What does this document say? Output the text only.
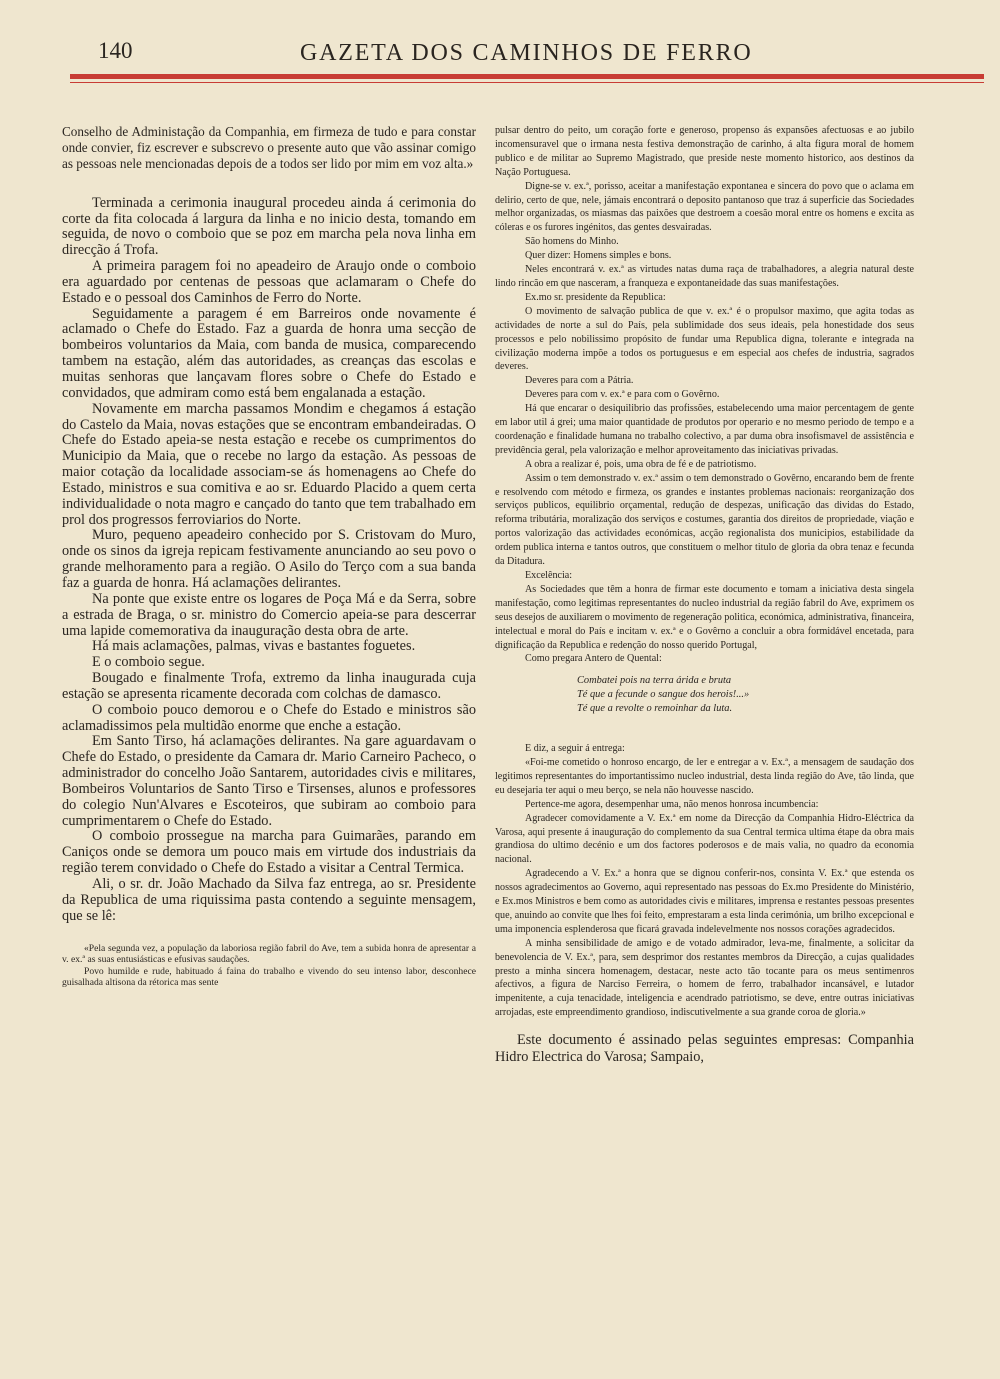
140	GAZETA DOS CAMINHOS DE FERRO

Conselho de Administação da Companhia, em firmeza de tudo e para constar onde convier, fiz escrever e subscrevo o presente auto que vão assinar comigo as pessoas nele mencionadas depois de a todos ser lido por mim em voz alta.»

Terminada a cerimonia inaugural procedeu ainda á cerimonia do corte da fita colocada á largura da linha e no inicio desta, tomando em seguida, de novo o comboio que se poz em marcha pela nova linha em direcção á Trofa.

A primeira paragem foi no apeadeiro de Araujo onde o comboio era aguardado por centenas de pessoas que aclamaram o Chefe do Estado e o pessoal dos Caminhos de Ferro do Norte.

Seguidamente a paragem é em Barreiros onde novamente é aclamado o Chefe do Estado. Faz a guarda de honra uma secção de bombeiros voluntarios da Maia, com banda de musica, comparecendo tambem na estação, além das autoridades, as creanças das escolas e muitas senhoras que lançavam flores sobre o Chefe do Estado e convidados, que admiram como está bem engalanada a estação.

Novamente em marcha passamos Mondim e chegamos á estação do Castelo da Maia, novas estações que se encontram embandeiradas. O Chefe do Estado apeia-se nesta estação e recebe os cumprimentos do Municipio da Maia, que o recebe no largo da estação. As pessoas de maior cotação da localidade associam-se ás homenagens ao Chefe do Estado, ministros e sua comitiva e ao sr. Eduardo Placido a quem certa individualidade o nota magro e cançado do tanto que tem trabalhado em prol dos progressos ferroviarios do Norte.

Muro, pequeno apeadeiro conhecido por S. Cristovam do Muro, onde os sinos da igreja repicam festivamente anunciando ao seu povo o grande melhoramento para a região. O Asilo do Terço com a sua banda faz a guarda de honra. Há aclamações delirantes.

Na ponte que existe entre os logares de Poça Má e da Serra, sobre a estrada de Braga, o sr. ministro do Comercio apeia-se para descerrar uma lapide comemorativa da inauguração desta obra de arte.

Há mais aclamações, palmas, vivas e bastantes foguetes.

E o comboio segue.

Bougado e finalmente Trofa, extremo da linha inaugurada cuja estação se apresenta ricamente decorada com colchas de damasco.

O comboio pouco demorou e o Chefe do Estado e ministros são aclamadissimos pela multidão enorme que enche a estação.

Em Santo Tirso, há aclamações delirantes. Na gare aguardavam o Chefe do Estado, o presidente da Camara dr. Mario Carneiro Pacheco, o administrador do concelho João Santarem, autoridades civis e militares, Bombeiros Voluntarios de Santo Tirso e Tirsenses, alunos e professores do colegio Nun'Alvares e Escoteiros, que subiram ao comboio para cumprimentarem o Chefe do Estado.

O comboio prossegue na marcha para Guimarães, parando em Caniços onde se demora um pouco mais em virtude dos industriais da região terem convidado o Chefe do Estado a visitar a Central Termica.

Ali, o sr. dr. João Machado da Silva faz entrega, ao sr. Presidente da Republica de uma riquissima pasta contendo a seguinte mensagem, que se lê:

«Pela segunda vez, a população da laboriosa região fabril do Ave, tem a subida honra de apresentar a v. ex.ª as suas entusiásticas e efusivas saudações.

Povo humilde e rude, habituado á faina do trabalho e vivendo do seu intenso labor, desconhece guisalhada altisona da rétorica mas sente

pulsar dentro do peito, um coração forte e generoso, propenso ás expansões afectuosas e ao jubilo incomensuravel que o irmana nesta festiva demonstração de carinho, á alta figura moral de homem publico e de militar ao Supremo Magistrado, que preside neste momento historico, aos destinos da Nação Portuguesa.

Digne-se v. ex.ª, porisso, aceitar a manifestação expontanea e sincera do povo que o aclama em delirio, certo de que, nele, jámais encontrará o deposito pantanoso que traz á superficie das Sociedades melhor organizadas, os miasmas das paixões que destroem a coesão moral entre os homens e excita as cóleras e os furores ingénitos, das gentes desvairadas.

São homens do Minho.

Quer dizer: Homens simples e bons.

Neles encontrará v. ex.ª as virtudes natas duma raça de trabalhadores, a alegria natural deste lindo rincão em que nasceram, a franqueza e expontaneidade das suas manifestações.

Ex.mo sr. presidente da Republica:

O movimento de salvação publica de que v. ex.ª é o propulsor maximo, que agita todas as actividades de norte a sul do País, pela sublimidade dos seus ideais, pela honestidade dos seus processos e pelo nobilissimo propósito de fundar uma Republica digna, tolerante e integrada na civilização moderna impõe a todos os portuguesus e em especial aos chefes de industria, sagrados deveres.

Deveres para com a Pátria.

Deveres para com v. ex.ª e para com o Govêrno.

Há que encarar o desiquilibrio das profissões, estabelecendo uma maior percentagem de gente em labor util á grei; uma maior quantidade de produtos por operario e no mesmo periodo de tempo e a coordenação e finalidade humana no trabalho colectivo, a par duma obra insofismavel de assistência e previdência geral, pela valorização e melhor aproveitamento das iniciativas privadas.

A obra a realizar é, pois, uma obra de fé e de patriotismo.

Assim o tem demonstrado v. ex.ª assim o tem demonstrado o Govêrno, encarando bem de frente e resolvendo com método e firmeza, os grandes e instantes problemas nacionais: reorganização dos serviços publicos, equilibrio orçamental, redução de despezas, unificação das dividas do Estado, reforma tributária, moralização dos serviços e costumes, garantia dos direitos de propriedade, viação e portos valorização das actividades económicas, acção regionalista dos municipios, estabilidade da ordem publica interna e tantos outros, que constituem o melhor titulo de gloria da obra tenaz e fecunda da Ditadura.

Excelência:

As Sociedades que têm a honra de firmar este documento e tomam a iniciativa desta singela manifestação, como legitimas representantes do nucleo industrial da região fabril do Ave, exprimem os seus desejos de auxiliarem o movimento de regeneração politica, económica, administrativa, financeira, intelectual e moral do País e incitam v. ex.ª e o Govêrno a concluir a obra formidável encetada, para dignificação da Republica e redenção do nosso querido Portugal,

Como pregara Antero de Quental:

Combatei pois na terra árida e bruta
Té que a fecunde o sangue dos herois!...»
Té que a revolte o remoinhar da luta.

E diz, a seguir á entrega:

«Foi-me cometido o honroso encargo, de ler e entregar a v. Ex.ª, a mensagem de saudação dos legitimos representantes do importantissimo nucleo industrial, desta linda região do Ave, tão linda, que eu desejaria ter aqui o meu berço, se nela não houvesse nascido.

Pertence-me agora, desempenhar uma, não menos honrosa incumbencia:

Agradecer comovidamente a V. Ex.ª em nome da Direcção da Companhia Hidro-Eléctrica da Varosa, aqui presente á inauguração do complemento da sua Central termica ultima étape da obra mais grandiosa do ultimo decénio e um dos factores poderosos e de mais valia, no quadro da economia nacional.

Agradecendo a V. Ex.ª a honra que se dignou conferir-nos, consinta V. Ex.ª que estenda os nossos agradecimentos ao Governo, aqui representado nas pessoas do Ex.mo Presidente do Ministério, e Ex.mos Ministros e bem como as autoridades civis e militares, imprensa e restantes pessoas presentes que, anuindo ao convite que lhes foi feito, emprestaram a esta linda cerimónia, um brilho excepcional e uma imponencia esplenderosa que ficará gravada indelevelmente nos nossos corações agradecidos.

A minha sensibilidade de amigo e de votado admirador, leva-me, finalmente, a solicitar da benevolencia de V. Ex.ª, para, sem desprimor dos restantes membros da Direcção, a cujas qualidades presto a minha sincera homenagem, destacar, neste acto tão tocante para os meus sentimenros afectivos, a figura de Narciso Ferreira, o homem de ferro, trabalhador incansável, e lutador impenitente, a cuja tenacidade, inteligencia e acendrado patriotismo, se deve, entre outras iniciativas arrojadas, este empreendimento grandioso, indiscutivelmente a sua grande coroa de gloria.»

Este documento é assinado pelas seguintes empresas: Companhia Hidro Electrica do Varosa; Sampaio,
